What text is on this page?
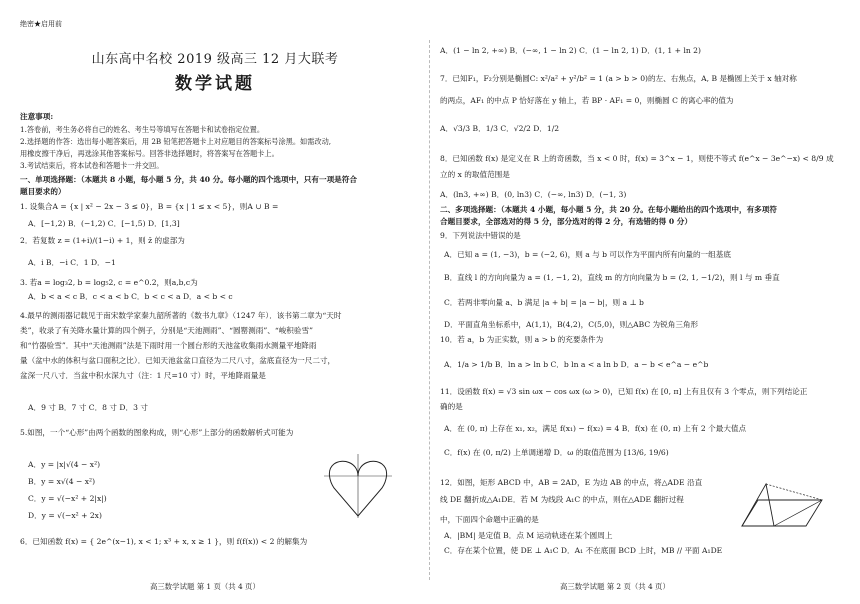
绝密★启用前
山东高中名校 2019 级高三 12 月大联考
数学试题
注意事项:
1.答卷前，考生务必将自己的姓名、考生号等填写在答题卡和试卷指定位置。
2.选择题的作答：选出每小题答案后，用 2B 铅笔把答题卡上对应题目的答案标号涂黑。如需改动,
用橡皮擦干净后，再选涂其他答案标号。回答非选择题时，将答案写在答题卡上。
3.考试结束后，将本试卷和答题卡一并交回。
一、单项选择题：（本题共 8 小题，每小题 5 分，共 40 分。每小题的四个选项中，只有一项是符合
题目要求的）
1. 设集合A = {x | x² − 2x − 3 ≤ 0}，B = {x | 1 ≤ x < 5}，则A ∪ B =
A．[−1,2) B．(−1,2) C．[−1,5) D．[1,3]
2．若复数 z = (1+i)/(1−i) + 1，则 z̄ 的虚部为
A．i B．−i C．1 D．−1
3. 若a = log₃2, b = log₅2, c = e^0.2，则a,b,c为
A．b < a < c B．c < a < b C．b < c < a D．a < b < c
4.最早的测雨器记载见于南宋数学家秦九韶所著的《数书九章》（1247 年）．该书第二章为“天时
类”，收录了有关降水量计算的四个例子，分别是“天池测雨”、“圆罂测雨”、“峻积验雪”
和“竹器验雪”．其中“天池测雨”法是下雨时用一个圆台形的天池盆收集雨水测量平地降雨
量（盆中水的体积与盆口面积之比）．已知天池盆盆口直径为二尺八寸，盆底直径为一尺二寸，
盆深一尺八寸．当盆中积水深九寸（注：1 尺=10 寸）时，平地降雨量是
A．9 寸 B．7 寸 C．8 寸 D．3 寸
5.如图，一个“心形”由两个函数的图象构成，则“心形”上部分的函数解析式可能为
A．y = |x|√(4 − x²)
B．y = x√(4 − x²)
C．y = √(−x² + 2|x|)
D．y = √(−x² + 2x)
6．已知函数 f(x) = { 2e^(x−1), x < 1; x³ + x, x ≥ 1 }，则 f(f(x)) < 2 的解集为
高三数学试题 第 1 页（共 4 页）
A．(1 − ln 2, +∞) B．(−∞, 1 − ln 2) C．(1 − ln 2, 1) D．(1, 1 + ln 2)
7．已知F₁，F₂分别是椭圆C: x²/a² + y²/b² = 1 (a > b > 0)的左、右焦点，A, B 是椭圆上关于 x 轴对称
的两点，AF₁ 的中点 P 恰好落在 y 轴上，若 BP · AF₁ = 0，则椭圆 C 的离心率的值为
A．√3/3 B．1/3 C．√2/2 D．1/2
8．已知函数 f(x) 是定义在 R 上的奇函数，当 x < 0 时，f(x) = 3^x − 1，则使不等式 f(e^x − 3e^−x) < 8/9 成
立的 x 的取值范围是
A．(ln3, +∞) B．(0, ln3) C．(−∞, ln3) D．(−1, 3)
二、多项选择题：（本题共 4 小题，每小题 5 分，共 20 分。在每小题给出的四个选项中，有多项符
合题目要求，全部选对的得 5 分，部分选对的得 2 分，有选错的得 0 分）
9．下列说法中错误的是
A．已知 a = (1, −3)，b = (−2, 6)，则 a 与 b 可以作为平面内所有向量的一组基底
B．直线 l 的方向向量为 a = (1, −1, 2)，直线 m 的方向向量为 b = (2, 1, −1/2)，则 l 与 m 垂直
C．若两非零向量 a、b 满足 |a + b| = |a − b|，则 a ⊥ b
D．平面直角坐标系中，A(1,1)，B(4,2)，C(5,0)，则△ABC 为锐角三角形
10．若 a，b 为正实数，则 a > b 的充要条件为
A．1/a > 1/b B．ln a > ln b C．b ln a < a ln b D．a − b < e^a − e^b
11．设函数 f(x) = √3 sin ωx − cos ωx (ω > 0)，已知 f(x) 在 [0, π] 上有且仅有 3 个零点，则下列结论正
确的是
A．在 (0, π) 上存在 x₁, x₂，满足 f(x₁) − f(x₂) = 4 B．f(x) 在 (0, π) 上有 2 个最大值点
C．f(x) 在 (0, π/2) 上单调递增 D．ω 的取值范围为 [13/6, 19/6)
12．如图，矩形 ABCD 中，AB = 2AD，E 为边 AB 的中点，将△ADE 沿直
线 DE 翻折成△A₁DE．若 M 为线段 A₁C 的中点，则在△ADE 翻折过程
中，下面四个命题中正确的是
A．|BM| 是定值 B．点 M 运动轨迹在某个圆周上
C．存在某个位置，使 DE ⊥ A₁C D．A₁ 不在底面 BCD 上时，MB // 平面 A₁DE
高三数学试题 第 2 页（共 4 页）
